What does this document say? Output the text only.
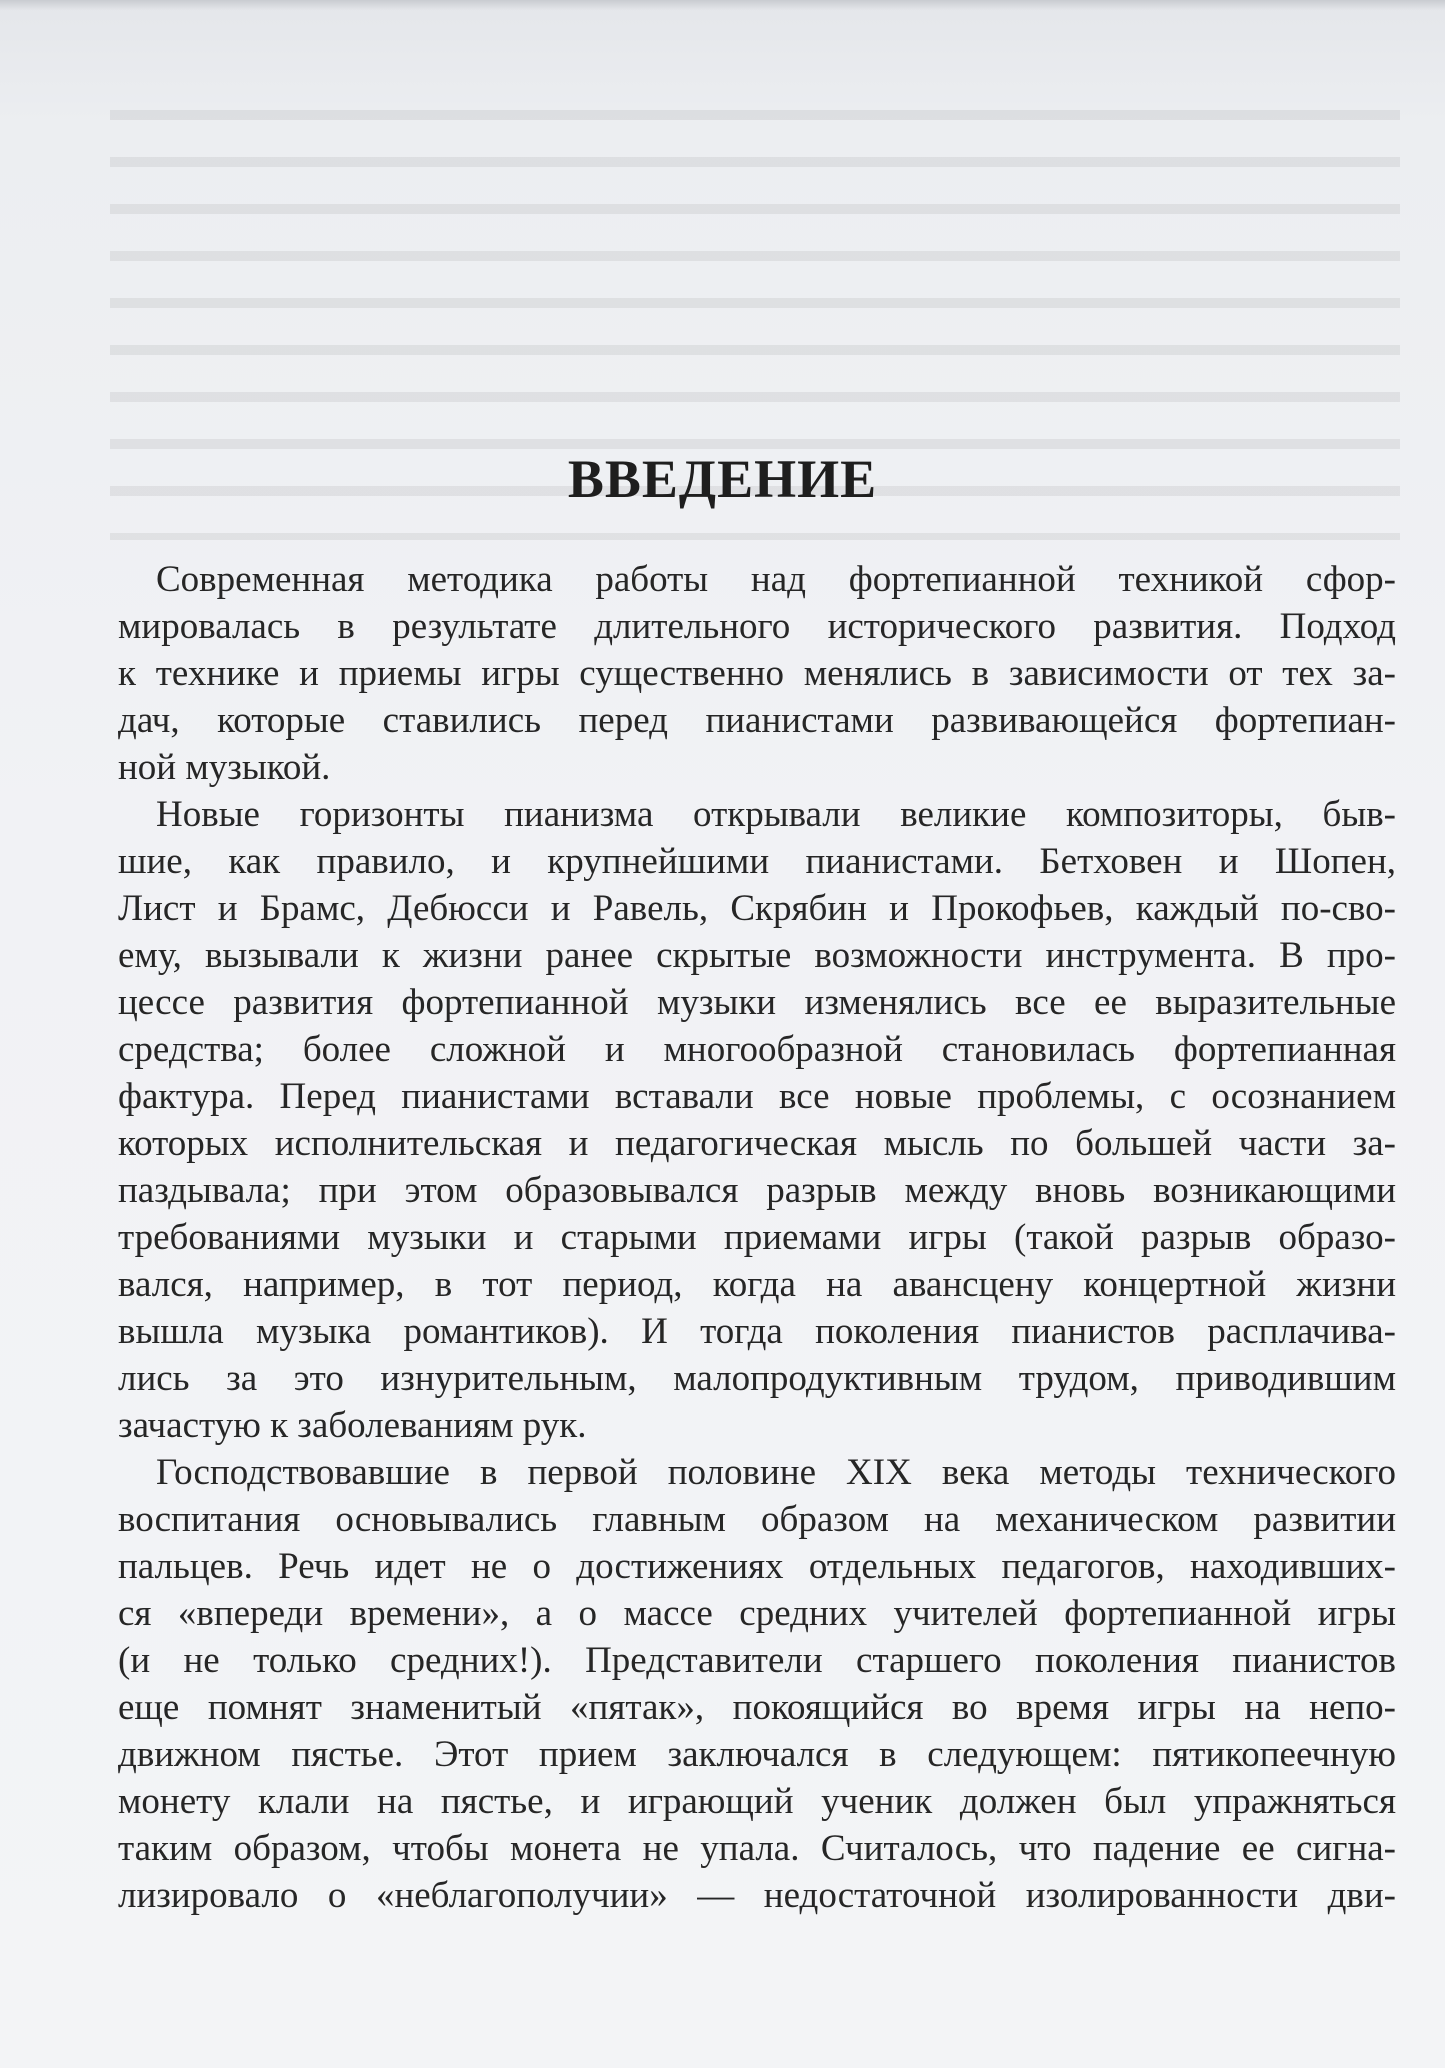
ВВЕДЕНИЕ
Современная методика работы над фортепианной техникой сфор-
мировалась в результате длительного исторического развития. Подход
к технике и приемы игры существенно менялись в зависимости от тех за-
дач, которые ставились перед пианистами развивающейся фортепиан-
ной музыкой.
Новые горизонты пианизма открывали великие композиторы, быв-
шие, как правило, и крупнейшими пианистами. Бетховен и Шопен,
Лист и Брамс, Дебюсси и Равель, Скрябин и Прокофьев, каждый по-сво-
ему, вызывали к жизни ранее скрытые возможности инструмента. В про-
цессе развития фортепианной музыки изменялись все ее выразительные
средства; более сложной и многообразной становилась фортепианная
фактура. Перед пианистами вставали все новые проблемы, с осознанием
которых исполнительская и педагогическая мысль по большей части за-
паздывала; при этом образовывался разрыв между вновь возникающими
требованиями музыки и старыми приемами игры (такой разрыв образо-
вался, например, в тот период, когда на авансцену концертной жизни
вышла музыка романтиков). И тогда поколения пианистов расплачива-
лись за это изнурительным, малопродуктивным трудом, приводившим
зачастую к заболеваниям рук.
Господствовавшие в первой половине XIX века методы технического
воспитания основывались главным образом на механическом развитии
пальцев. Речь идет не о достижениях отдельных педагогов, находивших-
ся «впереди времени», а о массе средних учителей фортепианной игры
(и не только средних!). Представители старшего поколения пианистов
еще помнят знаменитый «пятак», покоящийся во время игры на непо-
движном пястье. Этот прием заключался в следующем: пятикопеечную
монету клали на пястье, и играющий ученик должен был упражняться
таким образом, чтобы монета не упала. Считалось, что падение ее сигна-
лизировало о «неблагополучии» — недостаточной изолированности дви-
